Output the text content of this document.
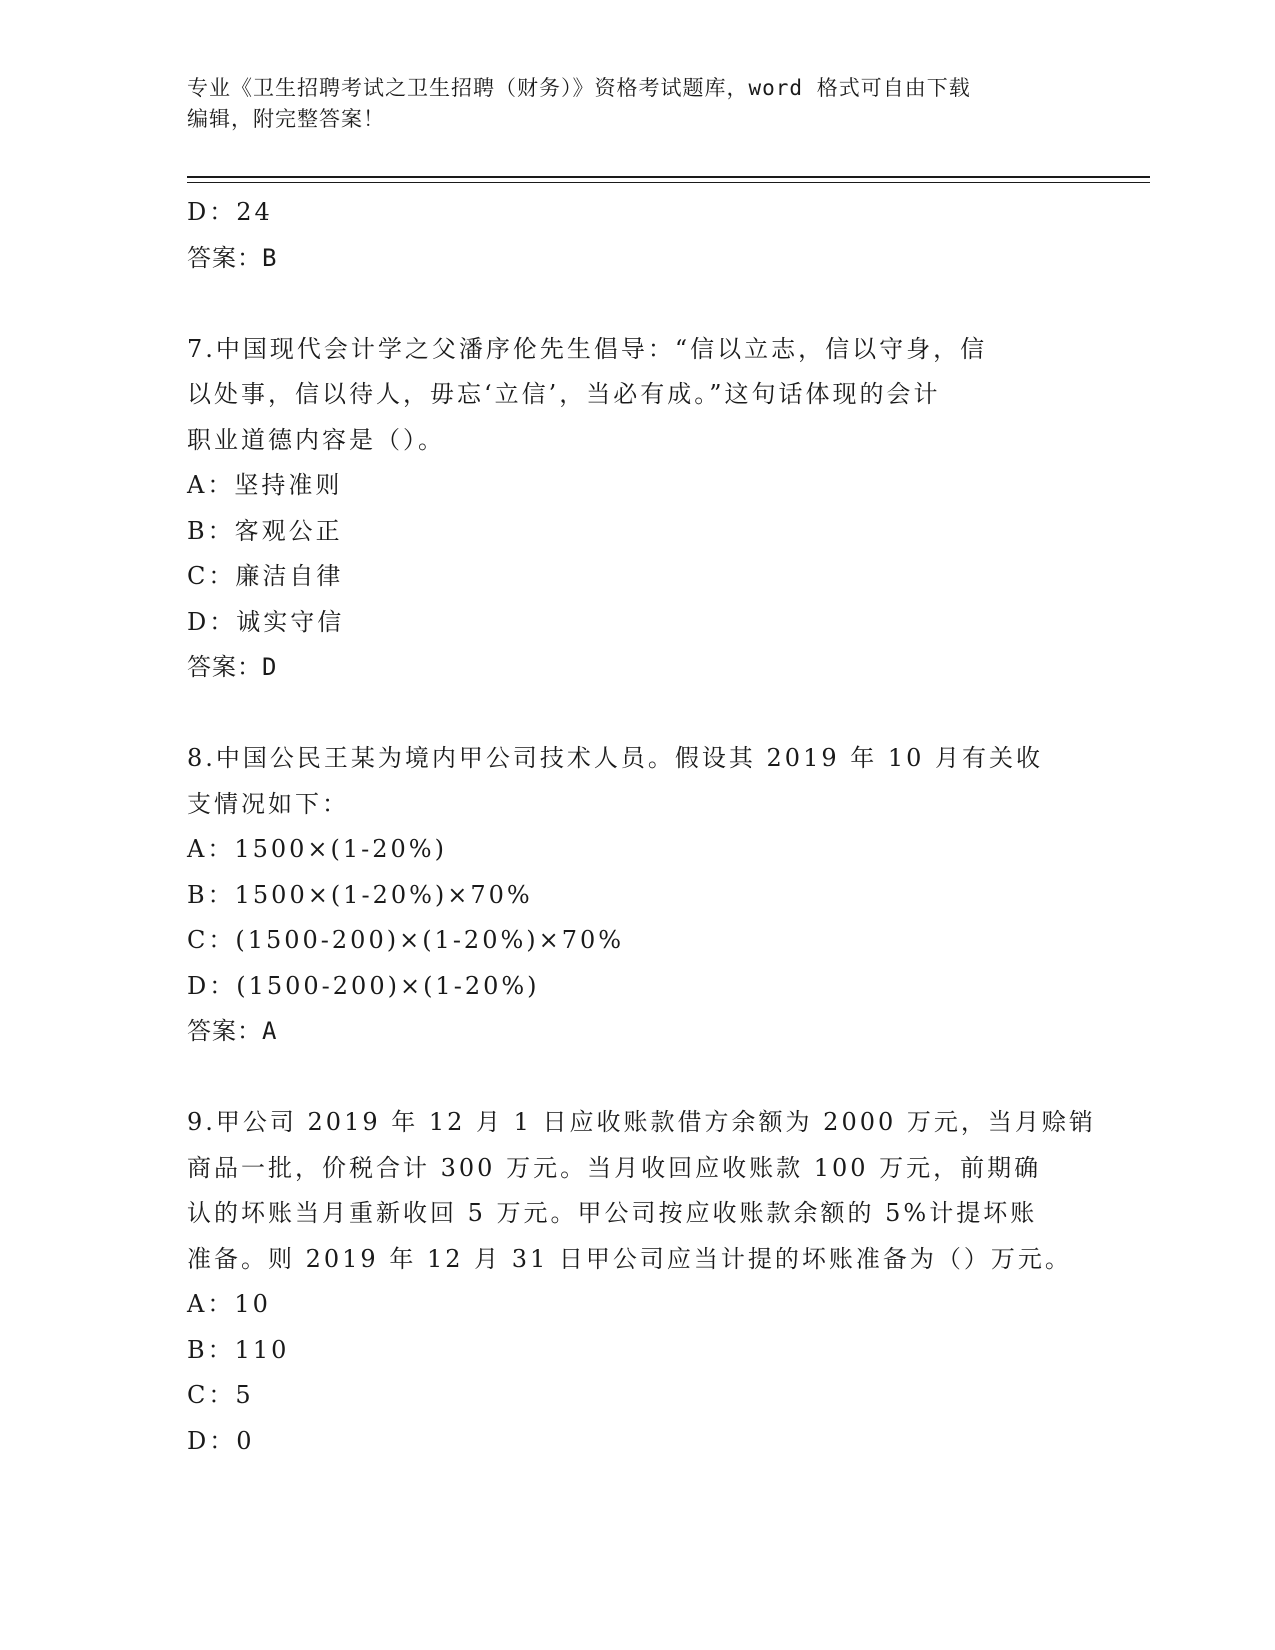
专业《卫生招聘考试之卫生招聘（财务）》资格考试题库，word 格式可自由下载
编辑，附完整答案！
D：24
答案：B
7.中国现代会计学之父潘序伦先生倡导：“信以立志，信以守身，信
以处事，信以待人，毋忘‘立信’，当必有成。”这句话体现的会计
职业道德内容是（）。
A：坚持准则
B：客观公正
C：廉洁自律
D：诚实守信
答案：D
8.中国公民王某为境内甲公司技术人员。假设其 2019 年 10 月有关收
支情况如下：
A：1500×(1-20%)
B：1500×(1-20%)×70%
C：(1500-200)×(1-20%)×70%
D：(1500-200)×(1-20%)
答案：A
9.甲公司 2019 年 12 月 1 日应收账款借方余额为 2000 万元，当月赊销
商品一批，价税合计 300 万元。当月收回应收账款 100 万元，前期确
认的坏账当月重新收回 5 万元。甲公司按应收账款余额的 5%计提坏账
准备。则 2019 年 12 月 31 日甲公司应当计提的坏账准备为（）万元。
A：10
B：110
C：5
D：0
